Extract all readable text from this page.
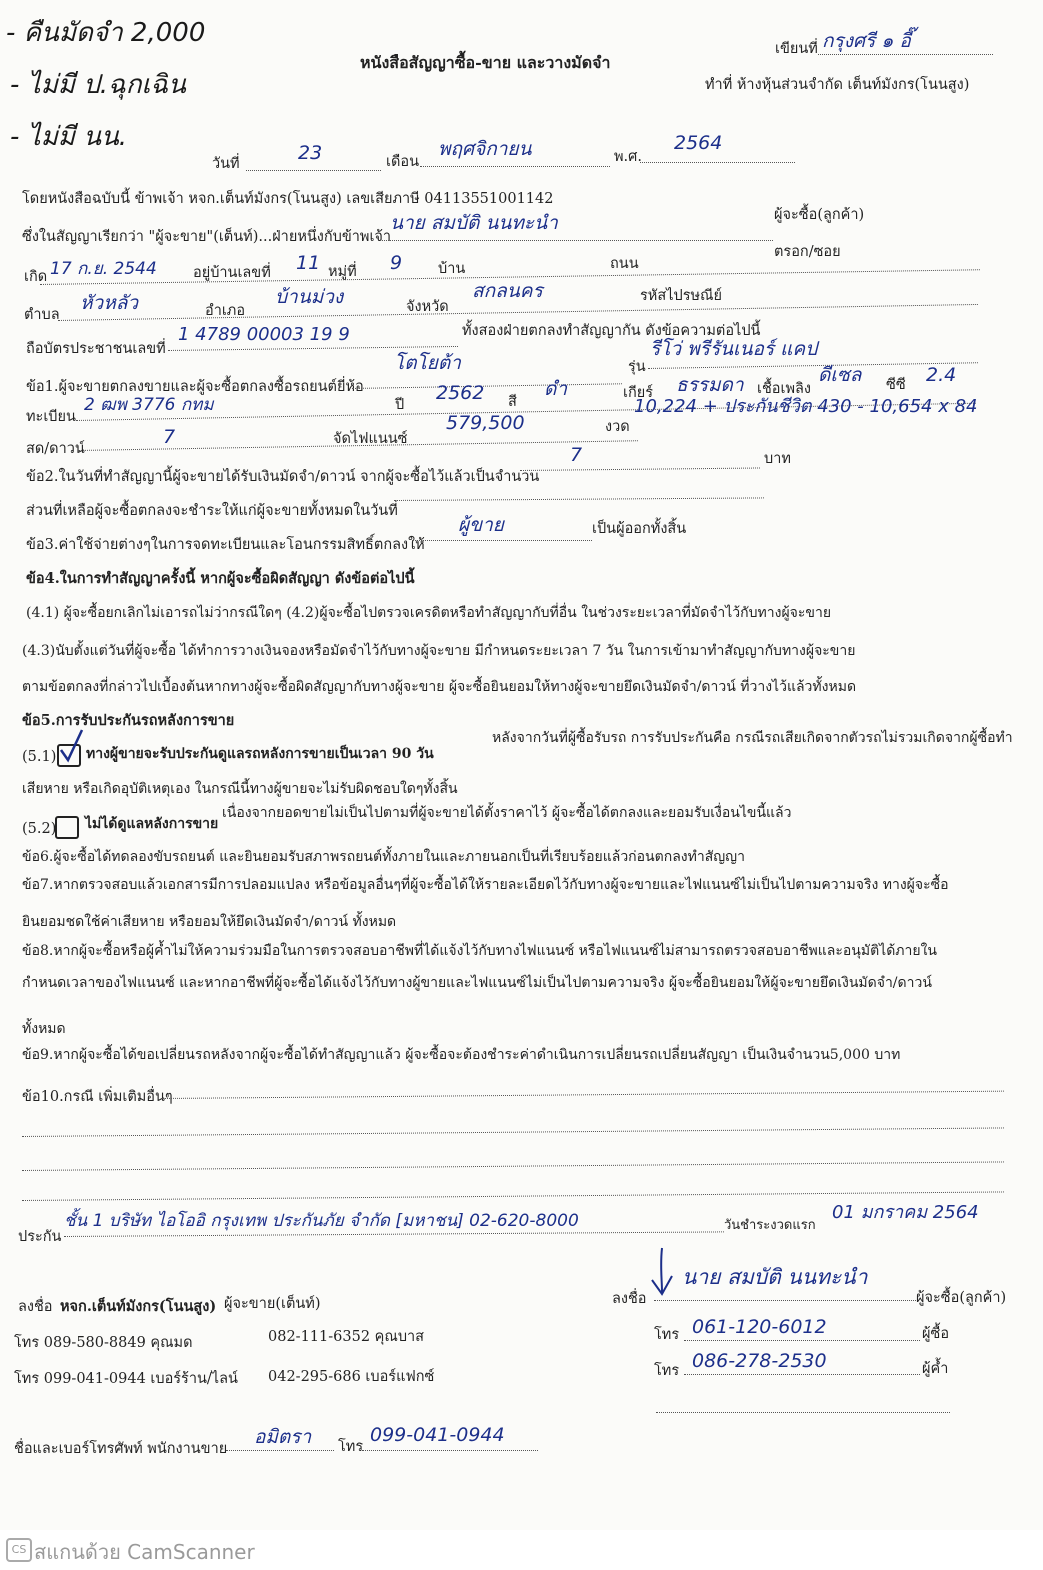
- คืนมัดจำ 2,000
- ไม่มี ป.ฉุกเฉิน
- ไม่มี นน.
หนังสือสัญญาซื้อ-ขาย และวางมัดจำ
เขียนที่ กรุงศรี ๑ อี๊
ทำที่ ห้างหุ้นส่วนจำกัด เต็นท์มังกร(โนนสูง)
วันที่	23	เดือน
พฤศจิกายน	พ.ศ.
2564
โดยหนังสือฉบับนี้ ข้าพเจ้า หจก.เต็นท์มังกร(โนนสูง) เลขเสียภาษี 04113551001142
ผู้จะซื้อ(ลูกค้า)
ซึ่งในสัญญาเรียกว่า "ผู้จะขาย"(เต็นท์)...ฝ่ายหนึ่งกับข้าพเจ้า
นาย สมบัติ นนทะนำ
เกิด 17 ก.ย. 2544 อยู่บ้านเลขที่ 11 หมู่ที่ 9 บ้าน	ถนน
ตรอก/ซอย
ตำบล
หัวหลัว	อำเภอ
บ้านม่วง	จังหวัด
สกลนคร	รหัสไปรษณีย์
ถือบัตรประชาชนเลขที่
1 4789 00003 19 9	ทั้งสองฝ่ายตกลงทำสัญญากัน ดังข้อความต่อไปนี้
ข้อ1.ผู้จะขายตกลงขายและผู้จะซื้อตกลงซื้อรถยนต์ยี่ห้อ
โตโยต้า	รุ่น
รีโว่ พรีรันเนอร์ แคป
ทะเบียน
2 ฒพ 3776 กทม	ปี
2562 สี
ดำ	เกียร์ ธรรมดา เชื้อเพลิง
ดีเซล ซีซี 2.4
สด/ดาวน์
7	จัดไฟแนนซ์
579,500	งวด
10,224 + ประกันชีวิต 430 - 10,654 x 84
ข้อ2.ในวันที่ทำสัญญานี้ผู้จะขายได้รับเงินมัดจำ/ดาวน์ จากผู้จะซื้อไว้แล้วเป็นจำนวน
7	บาท
ส่วนที่เหลือผู้จะซื้อตกลงจะชำระให้แก่ผู้จะขายทั้งหมดในวันที่
ข้อ3.ค่าใช้จ่ายต่างๆในการจดทะเบียนและโอนกรรมสิทธิ์ตกลงให้
ผู้ขาย	เป็นผู้ออกทั้งสิ้น
ข้อ4.ในการทำสัญญาครั้งนี้ หากผู้จะซื้อผิดสัญญา ดังข้อต่อไปนี้
(4.1) ผู้จะซื้อยกเลิกไม่เอารถไม่ว่ากรณีใดๆ (4.2)ผู้จะซื้อไปตรวจเครดิตหรือทำสัญญากับที่อื่น ในช่วงระยะเวลาที่มัดจำไว้กับทางผู้จะขาย
(4.3)นับตั้งแต่วันที่ผู้จะซื้อ ได้ทำการวางเงินจองหรือมัดจำไว้กับทางผู้จะขาย มีกำหนดระยะเวลา 7 วัน ในการเข้ามาทำสัญญากับทางผู้จะขาย
ตามข้อตกลงที่กล่าวไปเบื้องต้นหากทางผู้จะซื้อผิดสัญญากับทางผู้จะขาย ผู้จะซื้อยินยอมให้ทางผู้จะขายยึดเงินมัดจำ/ดาวน์ ที่วางไว้แล้วทั้งหมด
ข้อ5.การรับประกันรถหลังการขาย
(5.1) ทางผู้ขายจะรับประกันดูแลรถหลังการขายเป็นเวลา 90 วัน
หลังจากวันที่ผู้ซื้อรับรถ การรับประกันคือ กรณีรถเสียเกิดจากตัวรถไม่รวมเกิดจากผู้ซื้อทำ
เสียหาย หรือเกิดอุบัติเหตุเอง ในกรณีนี้ทางผู้ขายจะไม่รับผิดชอบใดๆทั้งสิ้น
(5.2) ไม่ได้ดูแลหลังการขาย
เนื่องจากยอดขายไม่เป็นไปตามที่ผู้จะขายได้ตั้งราคาไว้ ผู้จะซื้อได้ตกลงและยอมรับเงื่อนไขนี้แล้ว
ข้อ6.ผู้จะซื้อได้ทดลองขับรถยนต์ และยินยอมรับสภาพรถยนต์ทั้งภายในและภายนอกเป็นที่เรียบร้อยแล้วก่อนตกลงทำสัญญา
ข้อ7.หากตรวจสอบแล้วเอกสารมีการปลอมแปลง หรือข้อมูลอื่นๆที่ผู้จะซื้อได้ให้รายละเอียดไว้กับทางผู้จะขายและไฟแนนซ์ไม่เป็นไปตามความจริง ทางผู้จะซื้อ
ยินยอมชดใช้ค่าเสียหาย หรือยอมให้ยึดเงินมัดจำ/ดาวน์ ทั้งหมด
ข้อ8.หากผู้จะซื้อหรือผู้ค้ำไม่ให้ความร่วมมือในการตรวจสอบอาชีพที่ได้แจ้งไว้กับทางไฟแนนซ์ หรือไฟแนนซ์ไม่สามารถตรวจสอบอาชีพและอนุมัติได้ภายใน
กำหนดเวลาของไฟแนนซ์ และหากอาชีพที่ผู้จะซื้อได้แจ้งไว้กับทางผู้ขายและไฟแนนซ์ไม่เป็นไปตามความจริง ผู้จะซื้อยินยอมให้ผู้จะขายยึดเงินมัดจำ/ดาวน์
ทั้งหมด
ข้อ9.หากผู้จะซื้อได้ขอเปลี่ยนรถหลังจากผู้จะซื้อได้ทำสัญญาแล้ว ผู้จะซื้อจะต้องชำระค่าดำเนินการเปลี่ยนรถเปลี่ยนสัญญา เป็นเงินจำนวน5,000 บาท
ข้อ10.กรณี เพิ่มเติมอื่นๆ
ประกัน
ชั้น 1 บริษัท ไอโออิ กรุงเทพ ประกันภัย จำกัด [มหาชน] 02-620-8000	วันชำระงวดแรก
01 มกราคม 2564
ลงชื่อ หจก.เต็นท์มังกร(โนนสูง) ผู้จะขาย(เต็นท์)	ลงชื่อ
นาย สมบัติ นนทะนำ
ผู้จะซื้อ(ลูกค้า)
โทร 089-580-8849 คุณมด	082-111-6352 คุณบาส
โทร 099-041-0944 เบอร์ร้าน/ไลน์ 042-295-686 เบอร์แฟกซ์
โทร 061-120-6012	ผู้ซื้อ
โทร 086-278-2530	ผู้ค้ำ
ชื่อและเบอร์โทรศัพท์ พนักงานขาย
อมิตรา โทร
099-041-0944
CS สแกนด้วย CamScanner
